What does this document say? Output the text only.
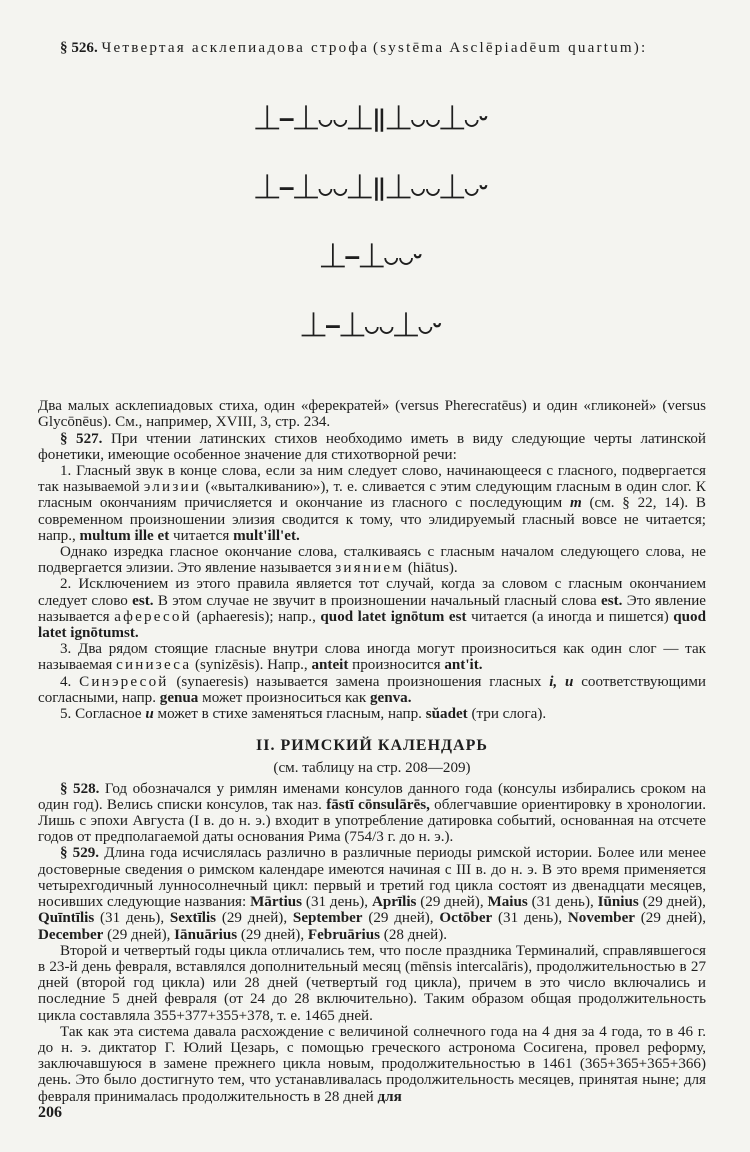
§ 526. Четвертая асклепиадова строфа (systēma Asclēpiadēum quartum):

⏊–⏊◡◡⏊‖⏊◡◡⏊◡⏑

⏊–⏊◡◡⏊‖⏊◡◡⏊◡⏑

⏊–⏊◡◡⏑

⏊–⏊◡◡⏊◡⏑

Два малых асклепиадовых стиха, один «ферекратей» (versus Pherecratēus) и один «гликоней» (versus Glycōnēus). См., например, XVIII, 3, стр. 234.

§ 527. При чтении латинских стихов необходимо иметь в виду следующие черты латинской фонетики, имеющие особенное значение для стихотворной речи:

1. Гласный звук в конце слова, если за ним следует слово, начинающееся с гласного, подвергается так называемой элизии («выталкиванию»), т. е. сливается с этим следующим гласным в один слог. К гласным окончаниям причисляется и окончание из гласного с последующим m (см. § 22, 14). В современном произношении элизия сводится к тому, что элидируемый гласный вовсе не читается; напр., multum ille et читается mult'ill'et.

Однако изредка гласное окончание слова, сталкиваясь с гласным началом следующего слова, не подвергается элизии. Это явление называется зиянием (hiātus).

2. Исключением из этого правила является тот случай, когда за словом с гласным окончанием следует слово est. В этом случае не звучит в произношении начальный гласный слова est. Это явление называется афересой (aphaeresis); напр., quod latet ignōtum est читается (а иногда и пишется) quod latet ignōtumst.

3. Два рядом стоящие гласные внутри слова иногда могут произноситься как один слог — так называемая синизеса (synizēsis). Напр., anteit произносится ant'it.

4. Синэресой (synaeresis) называется замена произношения гласных i, u соответствующими согласными, напр. genua может произноситься как genva.

5. Согласное u может в стихе заменяться гласным, напр. sŭadet (три слога).

II. РИМСКИЙ КАЛЕНДАРЬ

(см. таблицу на стр. 208—209)

§ 528. Год обозначался у римлян именами консулов данного года (консулы избирались сроком на один год). Велись списки консулов, так наз. fāstī cōnsulārēs, облегчавшие ориентировку в хронологии. Лишь с эпохи Августа (I в. до н. э.) входит в употребление датировка событий, основанная на отсчете годов от предполагаемой даты основания Рима (754/3 г. до н. э.).

§ 529. Длина года исчислялась различно в различные периоды римской истории. Более или менее достоверные сведения о римском календаре имеются начиная с III в. до н. э. В это время применяется четырехгодичный лунносолнечный цикл: первый и третий год цикла состоят из двенадцати месяцев, носивших следующие названия: Mārtius (31 день), Aprīlis (29 дней), Maius (31 день), Iūnius (29 дней), Quīntīlis (31 день), Sextīlis (29 дней), September (29 дней), Octōber (31 день), November (29 дней), December (29 дней), Iānuārius (29 дней), Februārius (28 дней).

Второй и четвертый годы цикла отличались тем, что после праздника Терминалий, справлявшегося в 23-й день февраля, вставлялся дополнительный месяц (mēnsis intercalāris), продолжительностью в 27 дней (второй год цикла) или 28 дней (четвертый год цикла), причем в это число включались и последние 5 дней февраля (от 24 до 28 включительно). Таким образом общая продолжительность цикла составляла 355+377+355+378, т. е. 1465 дней.

Так как эта система давала расхождение с величиной солнечного года на 4 дня за 4 года, то в 46 г. до н. э. диктатор Г. Юлий Цезарь, с помощью греческого астронома Сосигена, провел реформу, заключавшуюся в замене прежнего цикла новым, продолжительностью в 1461 (365+365+365+366) день. Это было достигнуто тем, что устанавливалась продолжительность месяцев, принятая ныне; для февраля принималась продолжительность в 28 дней для

206
